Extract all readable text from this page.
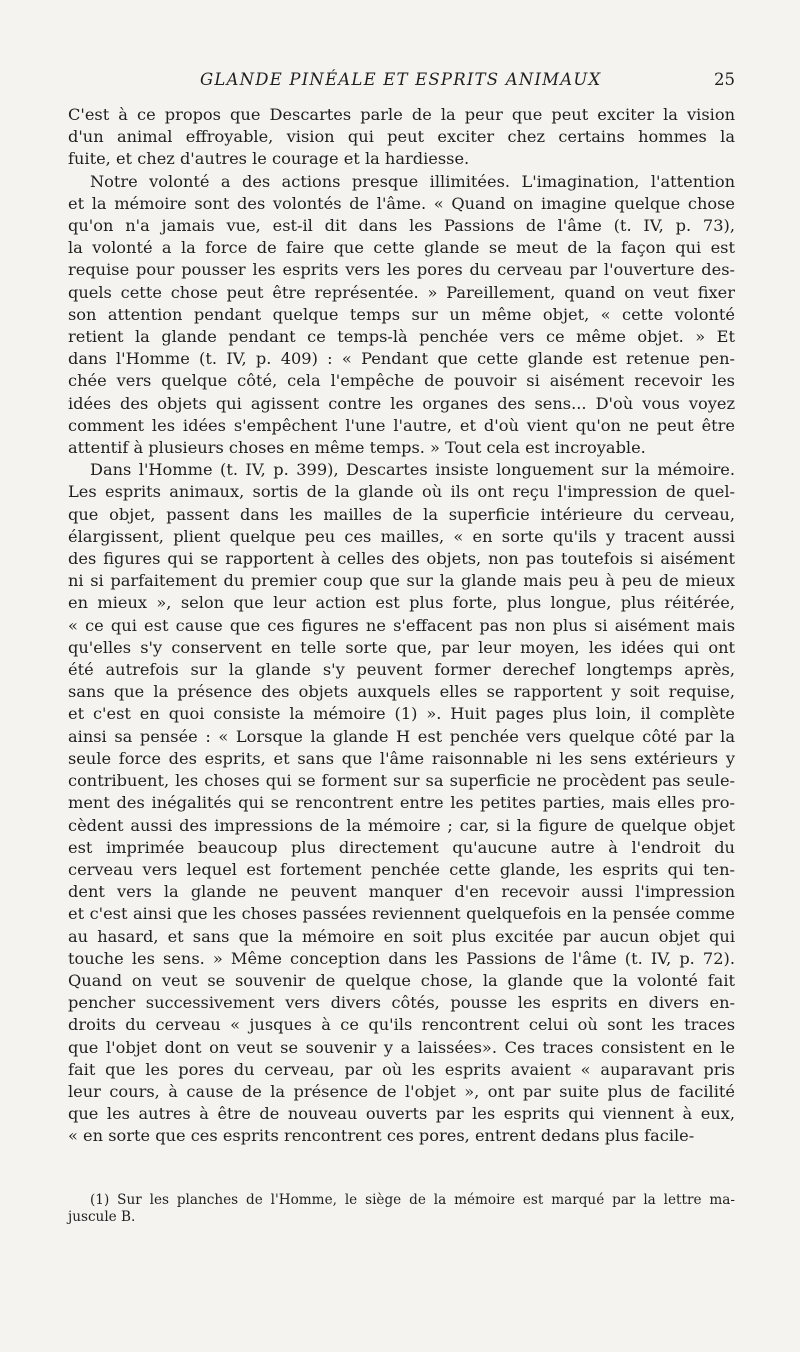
GLANDE PINÉALE ET ESPRITS ANIMAUX	25

C'est à ce propos que Descartes parle de la peur que peut exciter la vision

d'un animal effroyable, vision qui peut exciter chez certains hommes la

fuite, et chez d'autres le courage et la hardiesse.

Notre volonté a des actions presque illimitées. L'imagination, l'attention

et la mémoire sont des volontés de l'âme. « Quand on imagine quelque chose

qu'on n'a jamais vue, est-il dit dans les Passions de l'âme (t. IV, p. 73),

la volonté a la force de faire que cette glande se meut de la façon qui est

requise pour pousser les esprits vers les pores du cerveau par l'ouverture des-

quels cette chose peut être représentée. » Pareillement, quand on veut fixer

son attention pendant quelque temps sur un même objet, « cette volonté

retient la glande pendant ce temps-là penchée vers ce même objet. » Et

dans l'Homme (t. IV, p. 409) : « Pendant que cette glande est retenue pen-

chée vers quelque côté, cela l'empêche de pouvoir si aisément recevoir les

idées des objets qui agissent contre les organes des sens... D'où vous voyez

comment les idées s'empêchent l'une l'autre, et d'où vient qu'on ne peut être

attentif à plusieurs choses en même temps. » Tout cela est incroyable.

Dans l'Homme (t. IV, p. 399), Descartes insiste longuement sur la mémoire.

Les esprits animaux, sortis de la glande où ils ont reçu l'impression de quel-

que objet, passent dans les mailles de la superficie intérieure du cerveau,

élargissent, plient quelque peu ces mailles, « en sorte qu'ils y tracent aussi

des figures qui se rapportent à celles des objets, non pas toutefois si aisément

ni si parfaitement du premier coup que sur la glande mais peu à peu de mieux

en mieux », selon que leur action est plus forte, plus longue, plus réitérée,

« ce qui est cause que ces figures ne s'effacent pas non plus si aisément mais

qu'elles s'y conservent en telle sorte que, par leur moyen, les idées qui ont

été autrefois sur la glande s'y peuvent former derechef longtemps après,

sans que la présence des objets auxquels elles se rapportent y soit requise,

et c'est en quoi consiste la mémoire (1) ». Huit pages plus loin, il complète

ainsi sa pensée : « Lorsque la glande H est penchée vers quelque côté par la

seule force des esprits, et sans que l'âme raisonnable ni les sens extérieurs y

contribuent, les choses qui se forment sur sa superficie ne procèdent pas seule-

ment des inégalités qui se rencontrent entre les petites parties, mais elles pro-

cèdent aussi des impressions de la mémoire ; car, si la figure de quelque objet

est imprimée beaucoup plus directement qu'aucune autre à l'endroit du

cerveau vers lequel est fortement penchée cette glande, les esprits qui ten-

dent vers la glande ne peuvent manquer d'en recevoir aussi l'impression

et c'est ainsi que les choses passées reviennent quelquefois en la pensée comme

au hasard, et sans que la mémoire en soit plus excitée par aucun objet qui

touche les sens. » Même conception dans les Passions de l'âme (t. IV, p. 72).

Quand on veut se souvenir de quelque chose, la glande que la volonté fait

pencher successivement vers divers côtés, pousse les esprits en divers en-

droits du cerveau « jusques à ce qu'ils rencontrent celui où sont les traces

que l'objet dont on veut se souvenir y a laissées». Ces traces consistent en le

fait que les pores du cerveau, par où les esprits avaient « auparavant pris

leur cours, à cause de la présence de l'objet », ont par suite plus de facilité

que les autres à être de nouveau ouverts par les esprits qui viennent à eux,

« en sorte que ces esprits rencontrent ces pores, entrent dedans plus facile-

(1) Sur les planches de l'Homme, le siège de la mémoire est marqué par la lettre ma-

juscule B.
